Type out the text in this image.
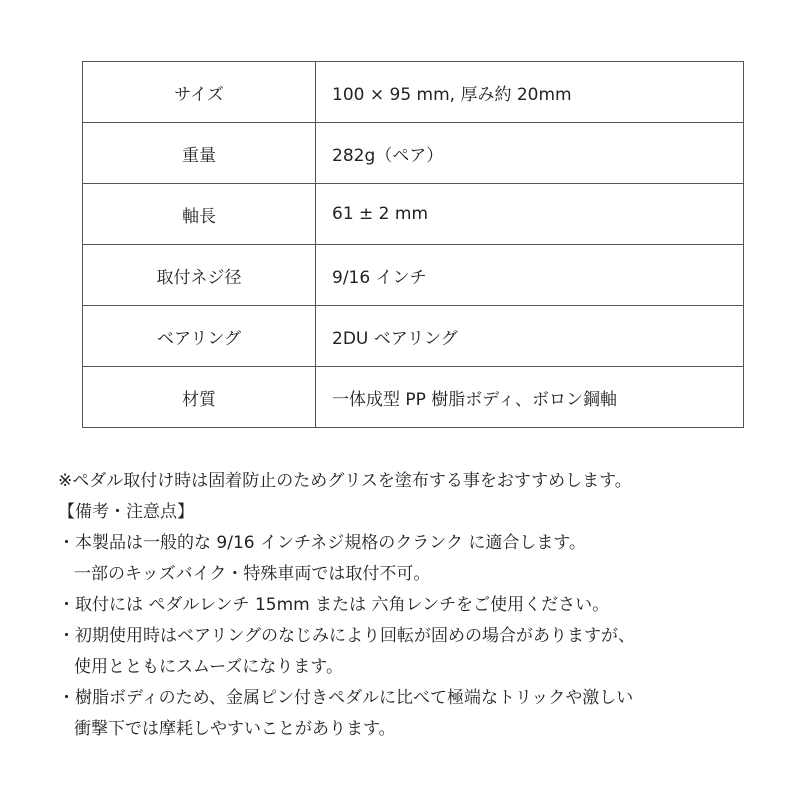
サイズ	100 × 95 mm, 厚み約 20mm
重量	282g（ペア）
軸長	61 ± 2 mm
取付ネジ径	9/16 インチ
ベアリング	2DU ベアリング
材質	一体成型 PP 樹脂ボディ、ボロン鋼軸

※ペダル取付け時は固着防止のためグリスを塗布する事をおすすめします。

【備考・注意点】

・本製品は一般的な 9/16 インチネジ規格のクランク に適合します。

一部のキッズバイク・特殊車両では取付不可。

・取付には ペダルレンチ 15mm または 六角レンチをご使用ください。

・初期使用時はベアリングのなじみにより回転が固めの場合がありますが、

使用とともにスムーズになります。

・樹脂ボディのため、金属ピン付きペダルに比べて極端なトリックや激しい

衝撃下では摩耗しやすいことがあります。
